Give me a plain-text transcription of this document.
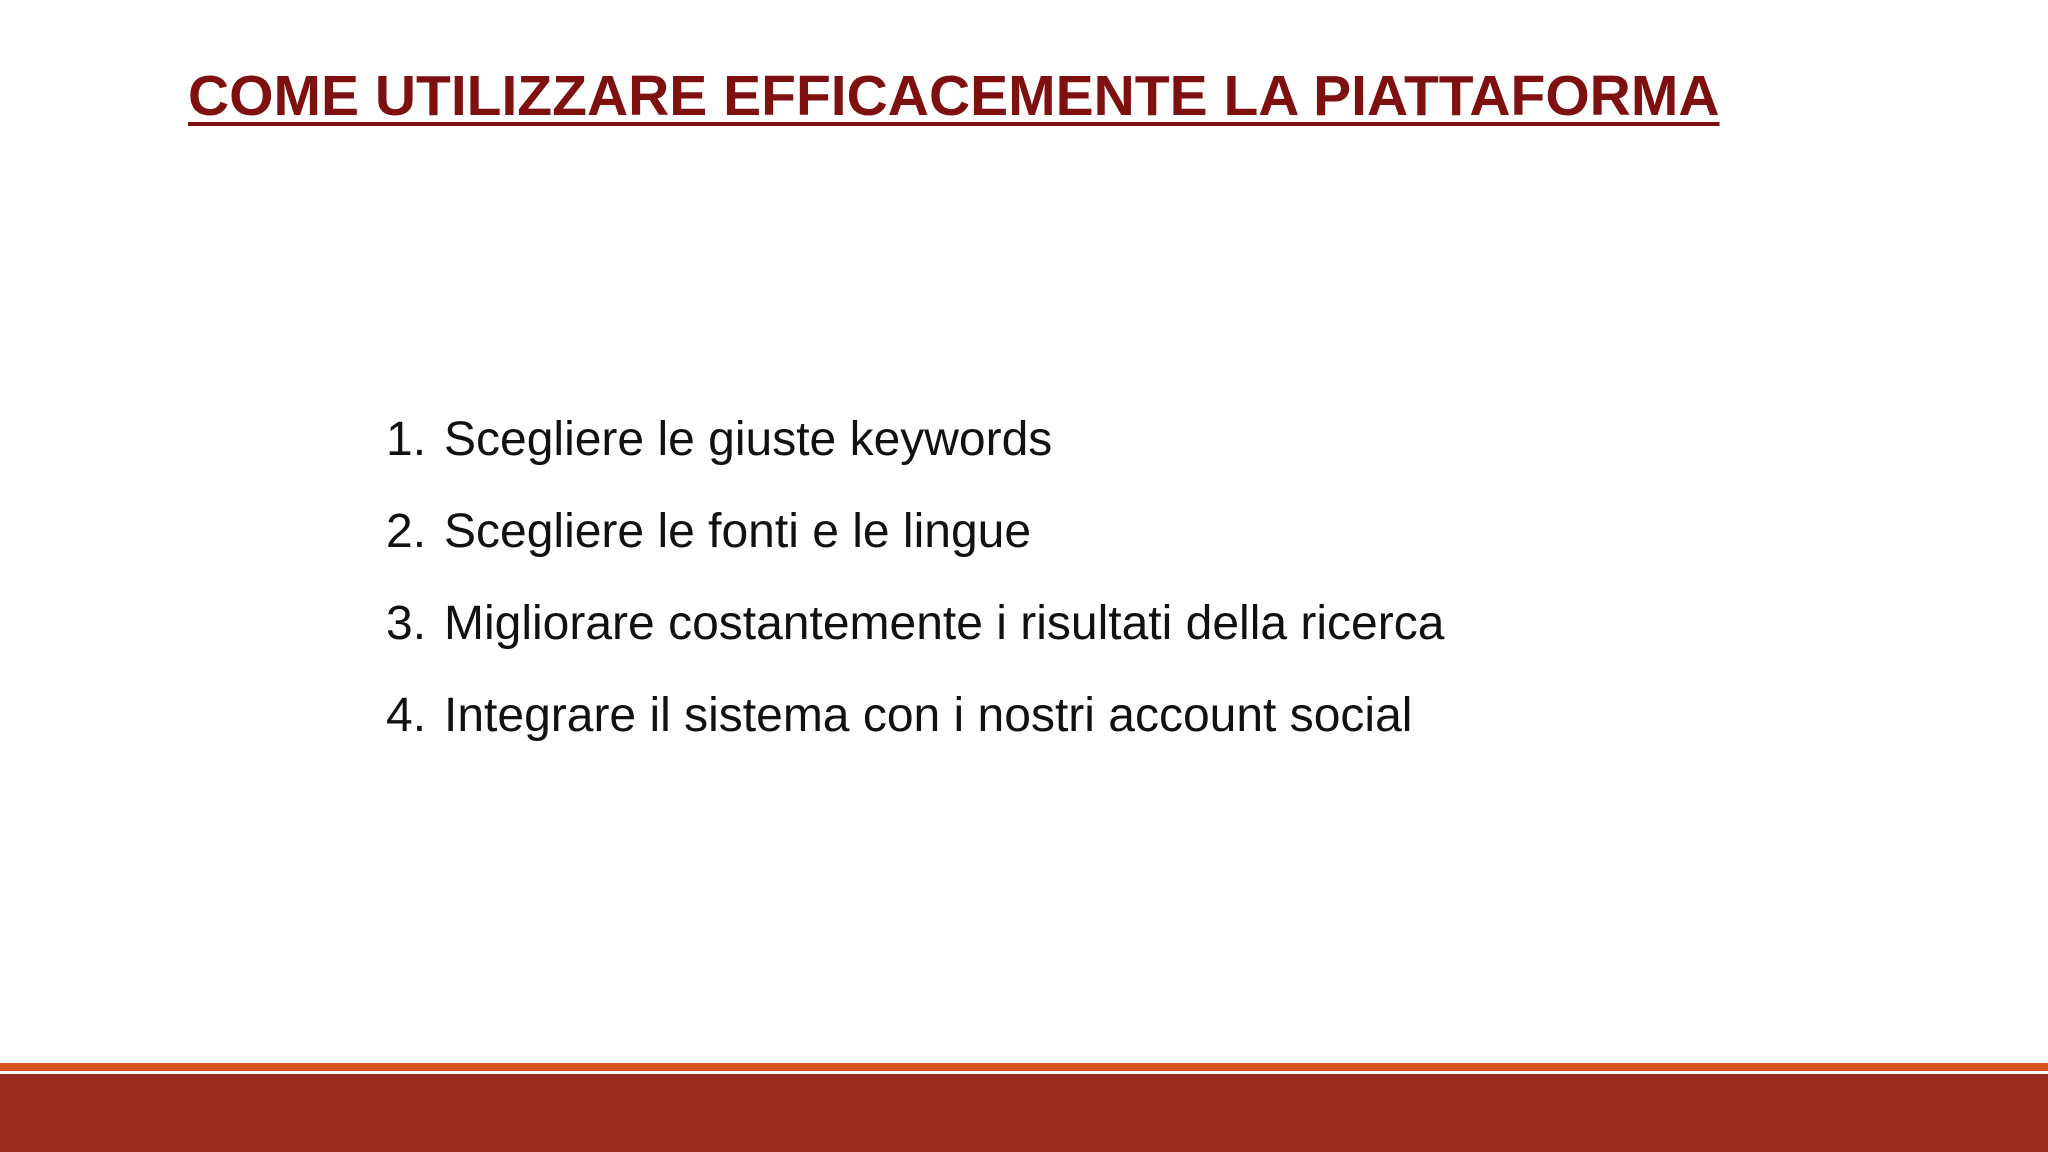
COME UTILIZZARE EFFICACEMENTE LA PIATTAFORMA
1. Scegliere le giuste keywords
2. Scegliere le fonti e le lingue
3. Migliorare costantemente i risultati della ricerca
4. Integrare il sistema con i nostri account social
